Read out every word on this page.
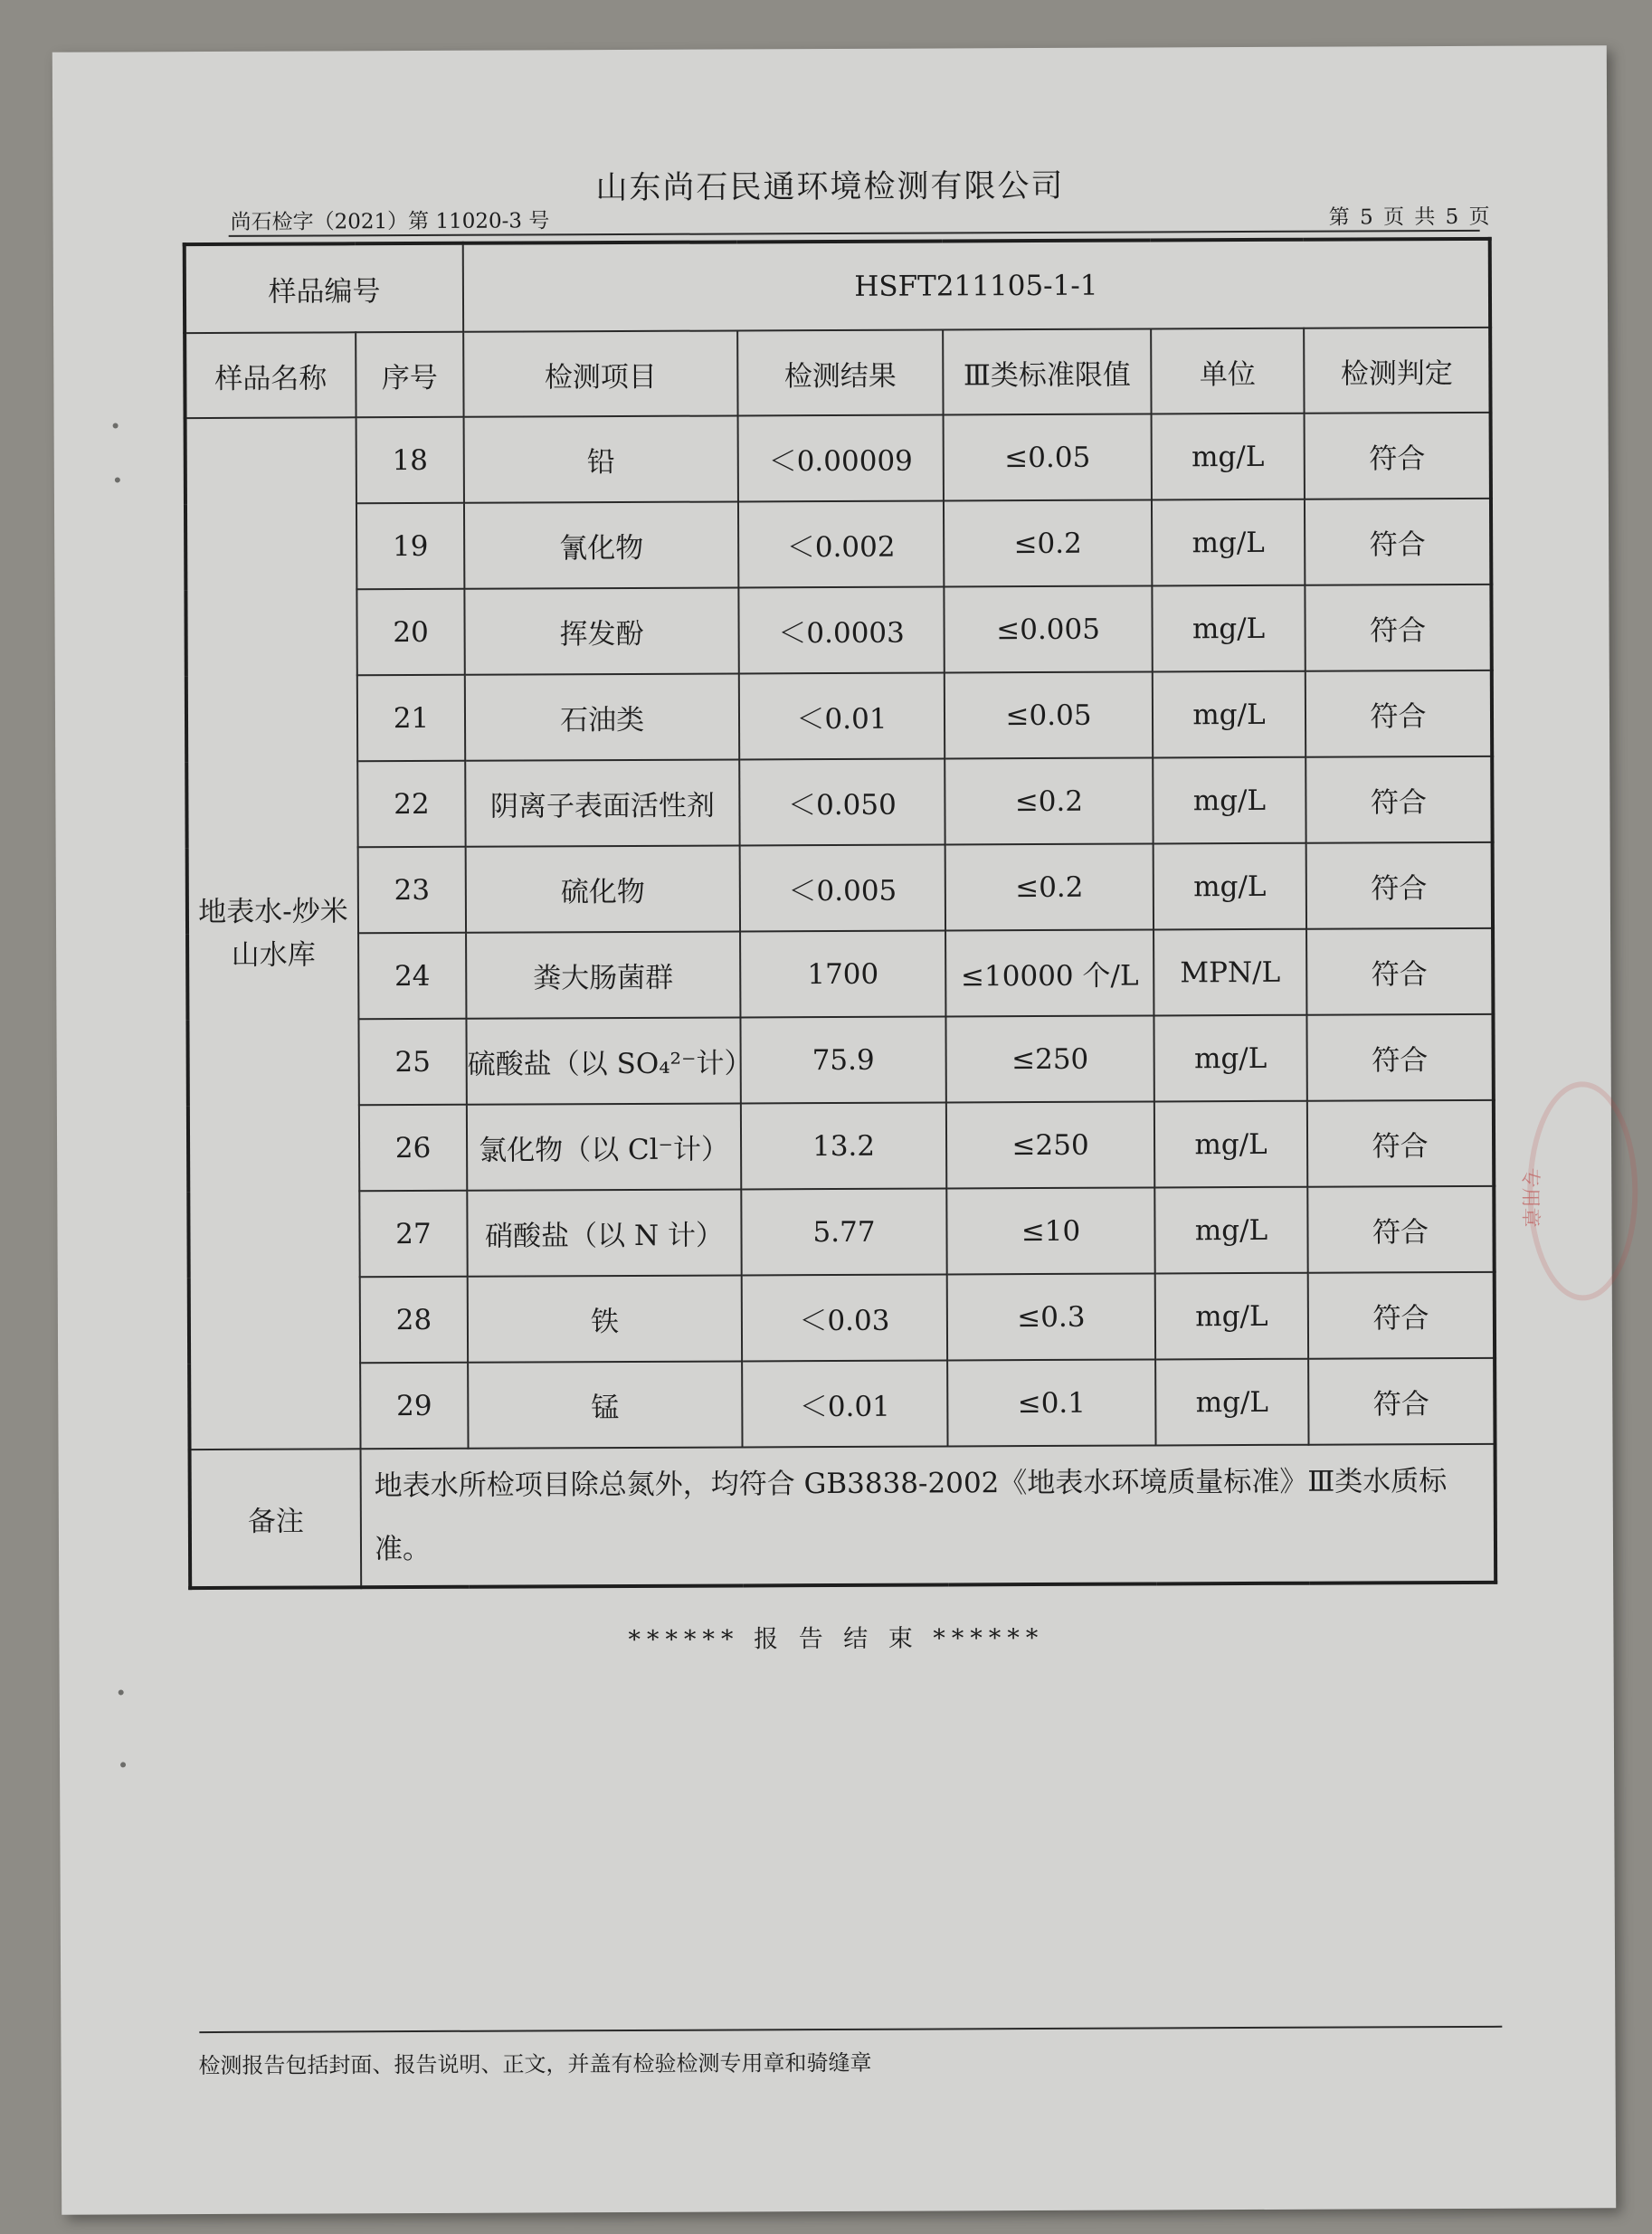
山东尚石民通环境检测有限公司
尚石检字（2021）第 11020-3 号	第 5 页 共 5 页
样品编号		HSFT211105-1-1				
样品名称	序号	检测项目	检测结果	Ⅲ类标准限值	单位	检测判定
地表水-炒米山水库	18	铅	＜0.00009	≤0.05	mg/L	符合
	19	氰化物	＜0.002	≤0.2	mg/L	符合
	20	挥发酚	＜0.0003	≤0.005	mg/L	符合
	21	石油类	＜0.01	≤0.05	mg/L	符合
	22	阴离子表面活性剂	＜0.050	≤0.2	mg/L	符合
	23	硫化物	＜0.005	≤0.2	mg/L	符合
	24	粪大肠菌群	1700	≤10000 个/L	MPN/L	符合
	25	硫酸盐（以 SO₄²⁻计）	75.9	≤250	mg/L	符合
	26	氯化物（以 Cl⁻计）	13.2	≤250	mg/L	符合
	27	硝酸盐（以 N 计）	5.77	≤10	mg/L	符合
	28	铁	＜0.03	≤0.3	mg/L	符合
	29	锰	＜0.01	≤0.1	mg/L	符合
备注	地表水所检项目除总氮外，均符合 GB3838-2002《地表水环境质量标准》Ⅲ类水质标准。					
****** 报 告 结 束 ******
检测报告包括封面、报告说明、正文，并盖有检验检测专用章和骑缝章
专用章
